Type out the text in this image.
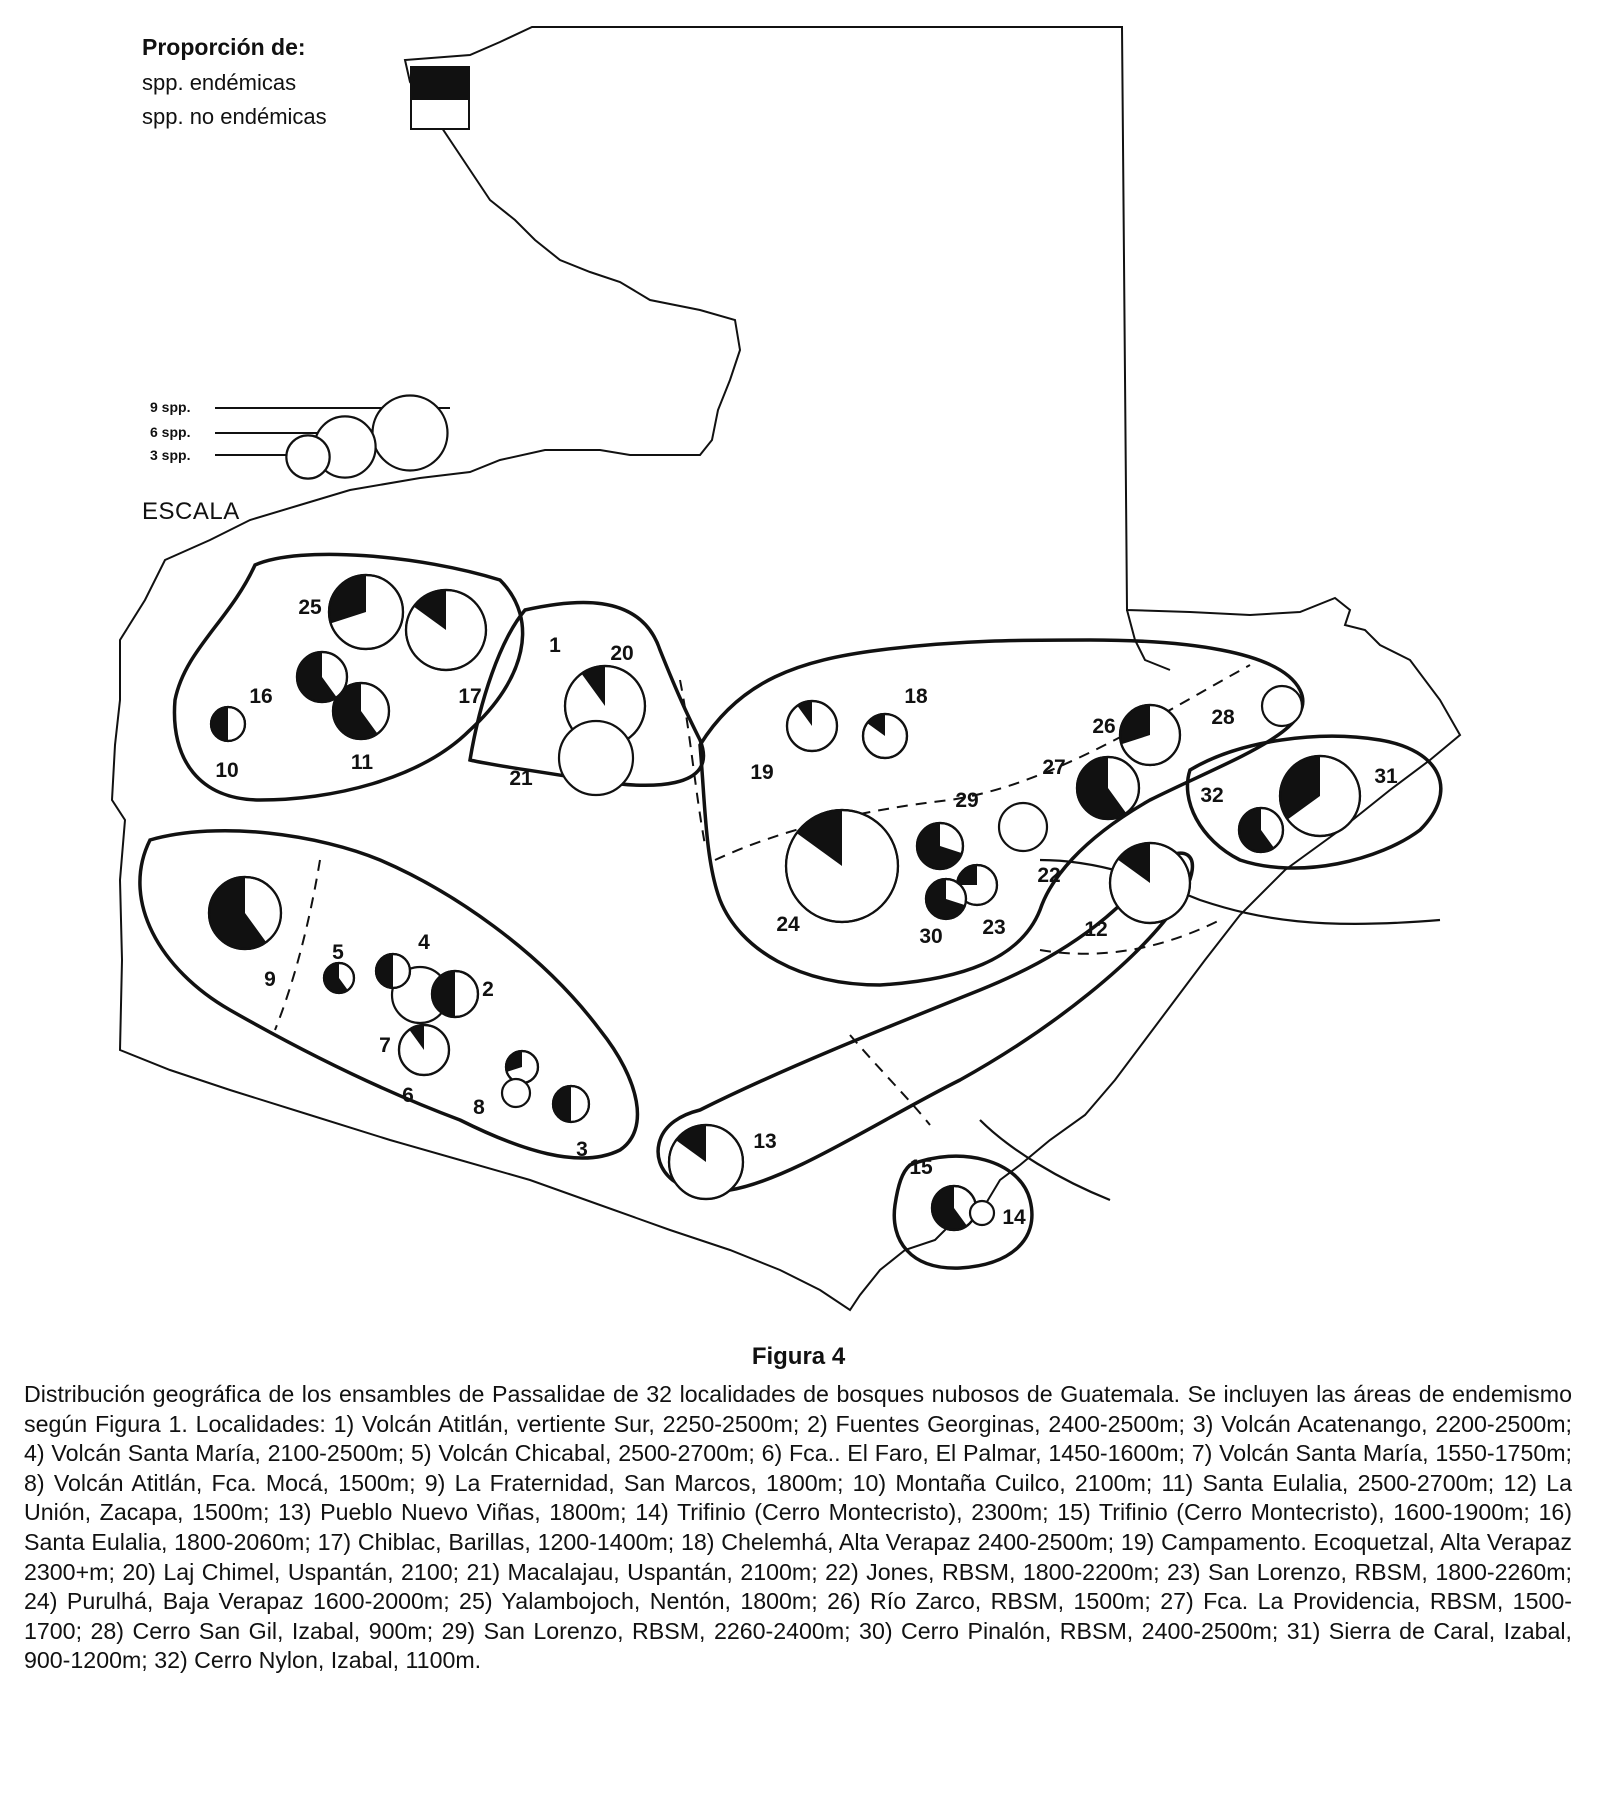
Proporción de:
spp. endémicas
spp. no endémicas
9 spp.
6 spp.
3 spp.
ESCALA
1
2
3
4
5
6
7
8
9
10	11
12
13
14
15
16	17	18
19
20
21
22
23
24
25
26
27
28
29
30
31
32
Figura 4
Distribución geográfica de los ensambles de Passalidae de 32 localidades de bosques nubosos de Guatemala. Se incluyen las áreas de endemismo según Figura 1. Localidades: 1) Volcán Atitlán, vertiente Sur, 2250-2500m; 2) Fuentes Georginas, 2400-2500m; 3) Volcán Acatenango, 2200-2500m; 4) Volcán Santa María, 2100-2500m; 5) Volcán Chicabal, 2500-2700m; 6) Fca.. El Faro, El Palmar, 1450-1600m; 7) Volcán Santa María, 1550-1750m; 8) Volcán Atitlán, Fca. Mocá, 1500m; 9) La Fraternidad, San Marcos, 1800m; 10) Montaña Cuilco, 2100m; 11) Santa Eulalia, 2500-2700m; 12) La Unión, Zacapa, 1500m; 13) Pueblo Nuevo Viñas, 1800m; 14) Trifinio (Cerro Montecristo), 2300m; 15) Trifinio (Cerro Montecristo), 1600-1900m; 16) Santa Eulalia, 1800-2060m; 17) Chiblac, Barillas, 1200-1400m; 18) Chelemhá, Alta Verapaz 2400-2500m; 19) Campamento. Ecoquetzal, Alta Verapaz 2300+m; 20) Laj Chimel, Uspantán, 2100; 21) Macalajau, Uspantán, 2100m; 22) Jones, RBSM, 1800-2200m; 23) San Lorenzo, RBSM, 1800-2260m; 24) Purulhá, Baja Verapaz 1600-2000m; 25) Yalambojoch, Nentón, 1800m; 26) Río Zarco, RBSM, 1500m; 27) Fca. La Providencia, RBSM, 1500-1700; 28) Cerro San Gil, Izabal, 900m; 29) San Lorenzo, RBSM, 2260-2400m; 30) Cerro Pinalón, RBSM, 2400-2500m; 31) Sierra de Caral, Izabal, 900-1200m; 32) Cerro Nylon, Izabal, 1100m.
